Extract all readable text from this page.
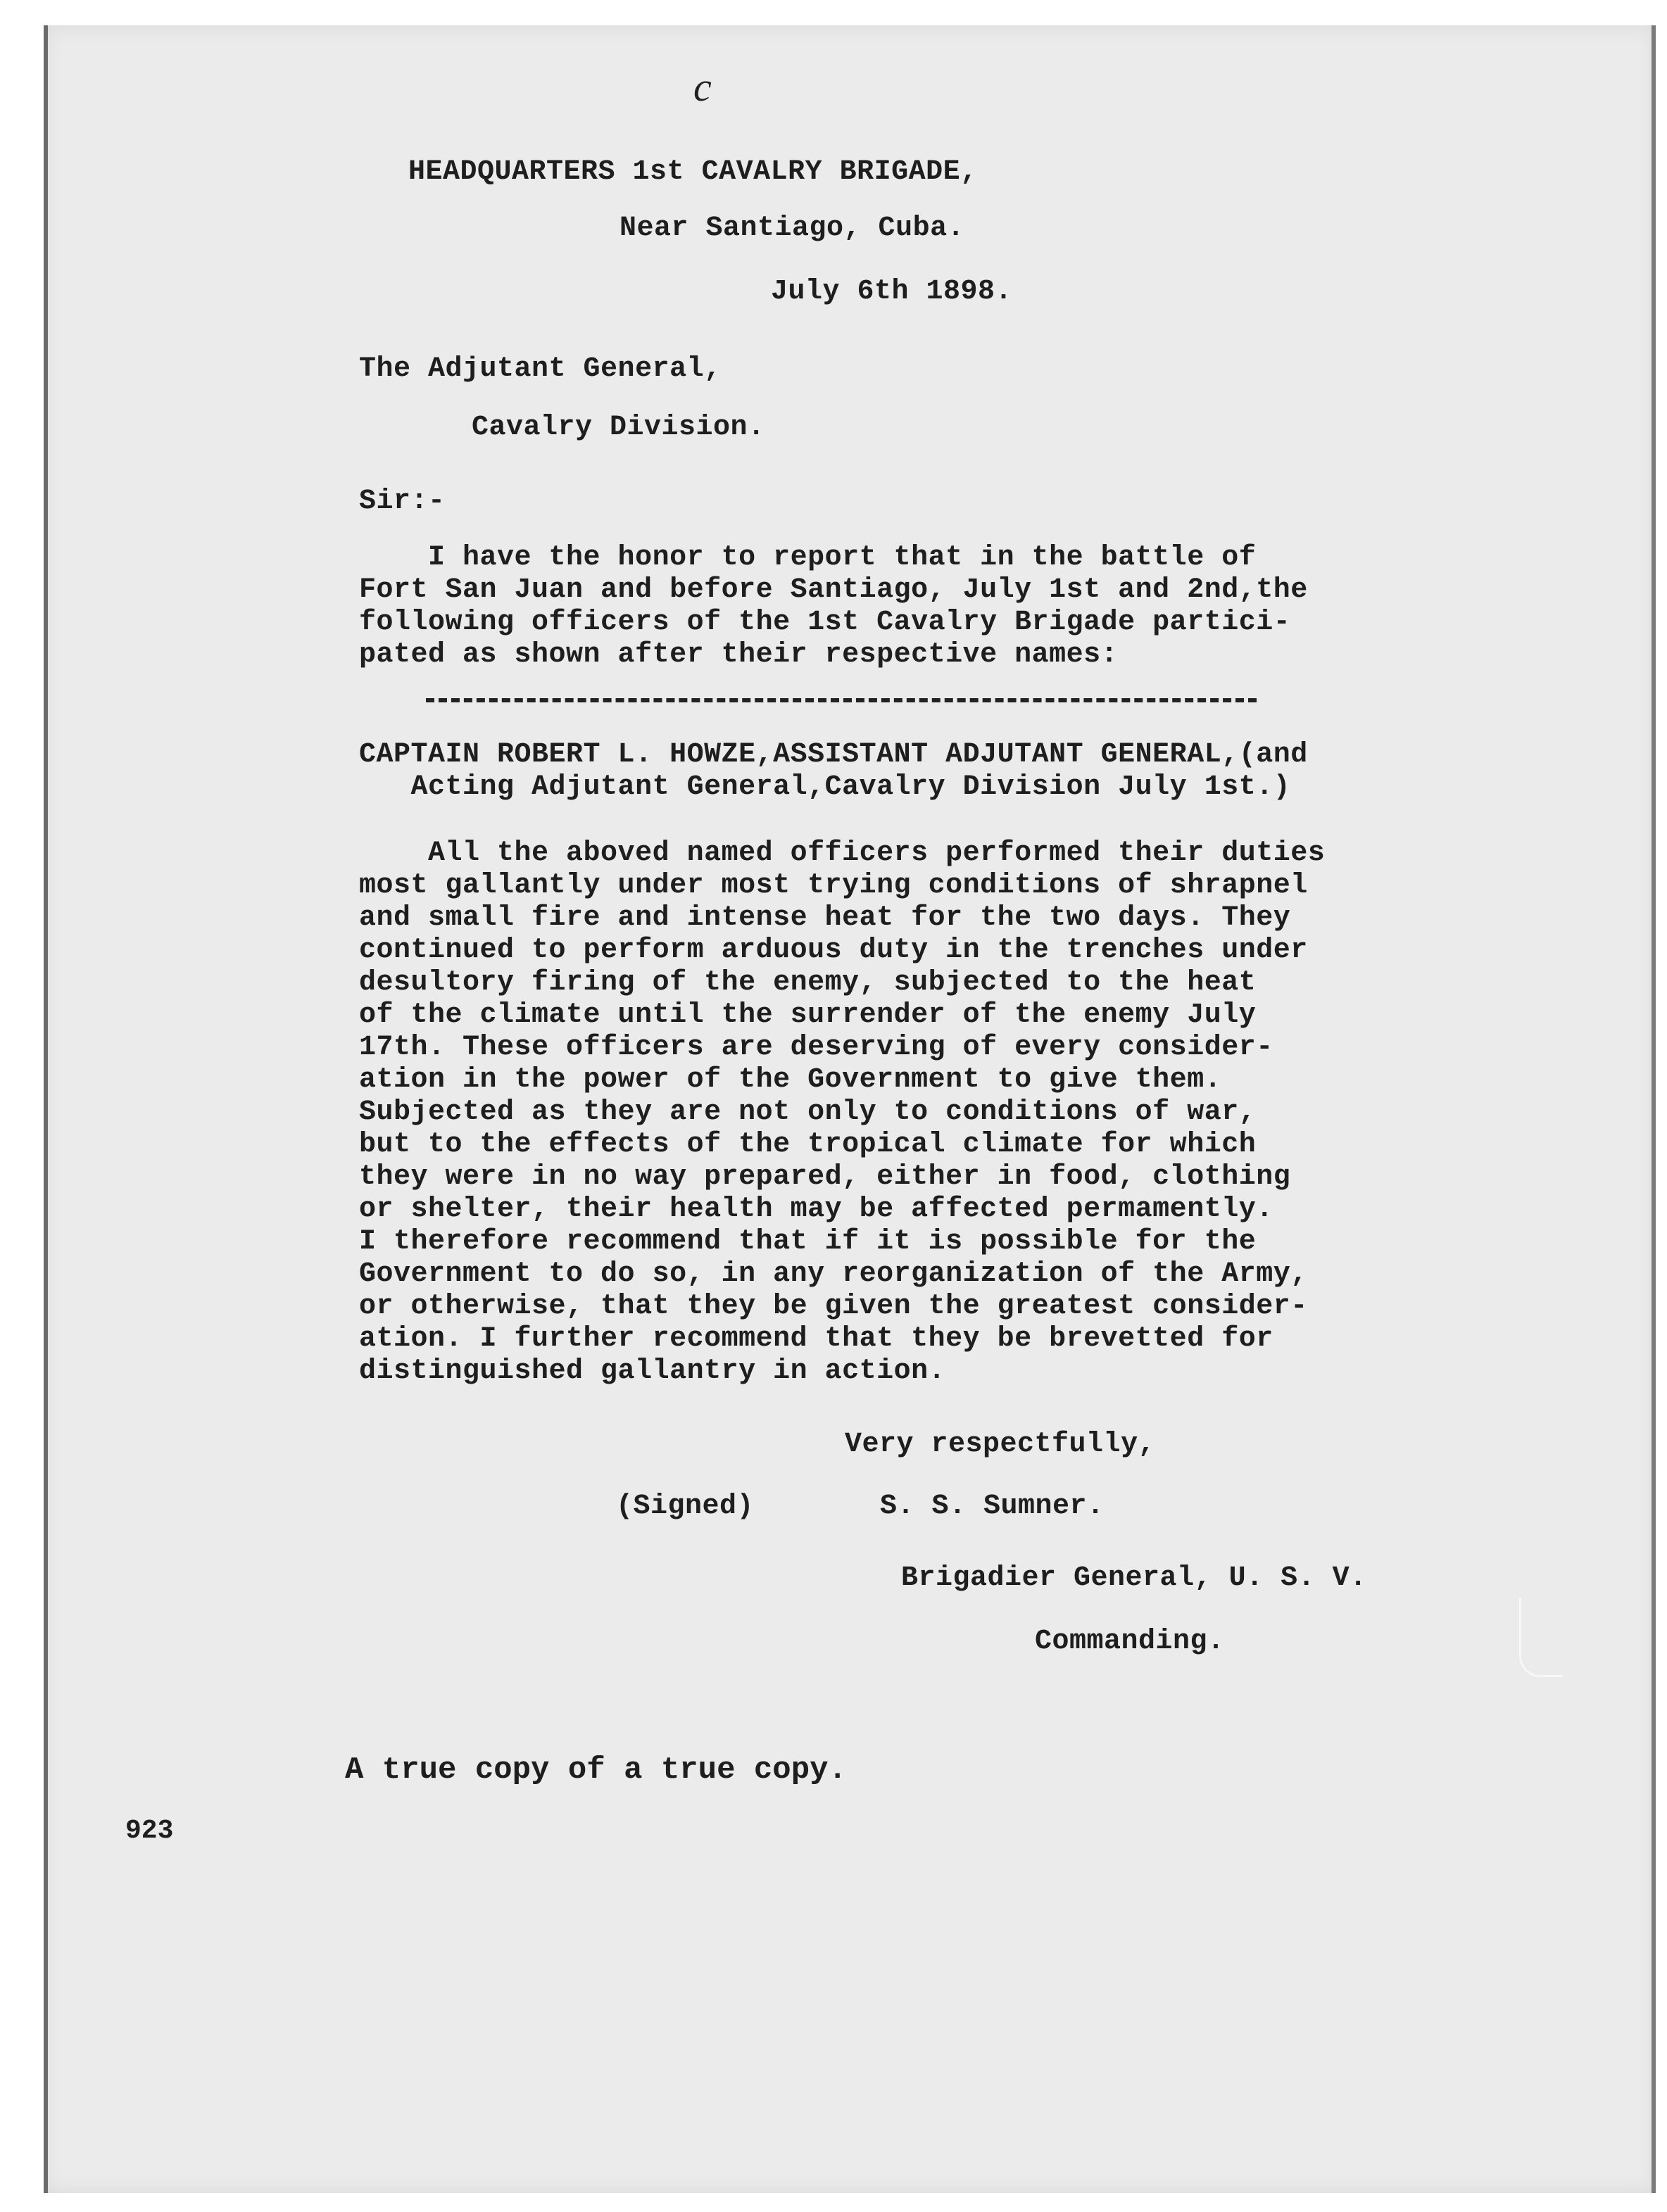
c
HEADQUARTERS 1st CAVALRY BRIGADE,
Near Santiago, Cuba.
July 6th 1898.
The Adjutant General,
Cavalry Division.
Sir:-
I have the honor to report that in the battle of
Fort San Juan and before Santiago, July 1st and 2nd,the
following officers of the 1st Cavalry Brigade partici-
pated as shown after their respective names:
CAPTAIN ROBERT L. HOWZE,ASSISTANT ADJUTANT GENERAL,(and
Acting Adjutant General,Cavalry Division July 1st.)
All the aboved named officers performed their duties
most gallantly under most trying conditions of shrapnel
and small fire and intense heat for the two days. They
continued to perform arduous duty in the trenches under
desultory firing of the enemy, subjected to the heat
of the climate until the surrender of the enemy July
17th. These officers are deserving of every consider-
ation in the power of the Government to give them.
Subjected as they are not only to conditions of war,
but to the effects of the tropical climate for which
they were in no way prepared, either in food, clothing
or shelter, their health may be affected permamently.
I therefore recommend that if it is possible for the
Government to do so, in any reorganization of the Army,
or otherwise, that they be given the greatest consider-
ation. I further recommend that they be brevetted for
distinguished gallantry in action.
Very respectfully,
(Signed)	S. S. Sumner.
Brigadier General, U. S. V.
Commanding.
A true copy of a true copy.
923
